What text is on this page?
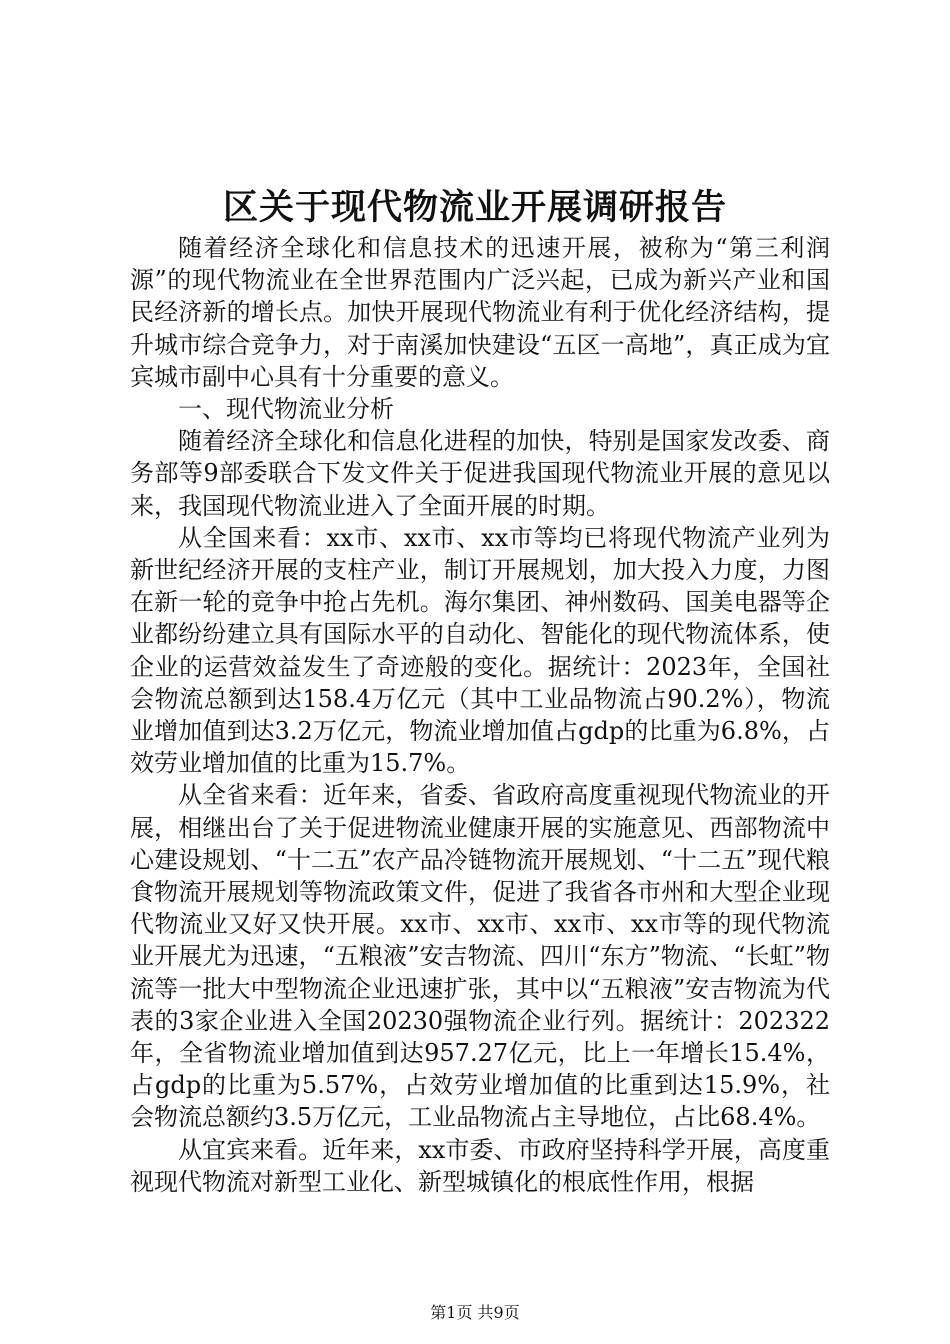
区关于现代物流业开展调研报告

随着经济全球化和信息技术的迅速开展，被称为“第三利润源”的现代物流业在全世界范围内广泛兴起，已成为新兴产业和国民经济新的增长点。加快开展现代物流业有利于优化经济结构，提升城市综合竞争力，对于南溪加快建设“五区一高地”，真正成为宜宾城市副中心具有十分重要的意义。

一、现代物流业分析

随着经济全球化和信息化进程的加快，特别是国家发改委、商务部等9部委联合下发文件关于促进我国现代物流业开展的意见以来，我国现代物流业进入了全面开展的时期。

从全国来看：xx市、xx市、xx市等均已将现代物流产业列为新世纪经济开展的支柱产业，制订开展规划，加大投入力度，力图在新一轮的竞争中抢占先机。海尔集团、神州数码、国美电器等企业都纷纷建立具有国际水平的自动化、智能化的现代物流体系，使企业的运营效益发生了奇迹般的变化。据统计：2023年，全国社会物流总额到达158.4万亿元（其中工业品物流占90.2%），物流业增加值到达3.2万亿元，物流业增加值占gdp的比重为6.8%，占效劳业增加值的比重为15.7%。

从全省来看：近年来，省委、省政府高度重视现代物流业的开展，相继出台了关于促进物流业健康开展的实施意见、西部物流中心建设规划、“十二五”农产品冷链物流开展规划、“十二五”现代粮食物流开展规划等物流政策文件，促进了我省各市州和大型企业现代物流业又好又快开展。xx市、xx市、xx市、xx市等的现代物流业开展尤为迅速，“五粮液”安吉物流、四川“东方”物流、“长虹”物流等一批大中型物流企业迅速扩张，其中以“五粮液”安吉物流为代表的3家企业进入全国20230强物流企业行列。据统计：202322年，全省物流业增加值到达957.27亿元，比上一年增长15.4%，占gdp的比重为5.57%，占效劳业增加值的比重到达15.9%，社会物流总额约3.5万亿元，工业品物流占主导地位，占比68.4%。

从宜宾来看。近年来，xx市委、市政府坚持科学开展，高度重视现代物流对新型工业化、新型城镇化的根底性作用，根据

第1页 共9页
